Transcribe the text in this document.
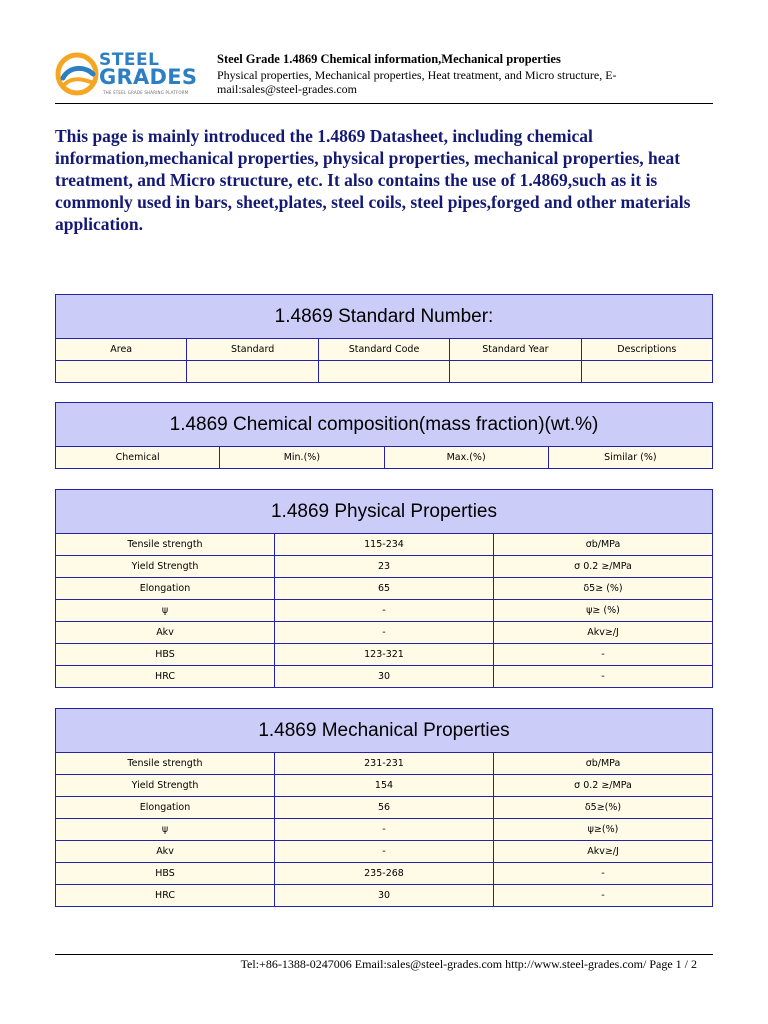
STEEL
GRADES
THE STEEL GRADE SHARING PLATFORM
Steel Grade 1.4869 Chemical information,Mechanical properties
Physical properties, Mechanical properties, Heat treatment, and Micro structure, E-mail:sales@steel-grades.com
This page is mainly introduced the 1.4869 Datasheet, including chemical information,mechanical properties, physical properties, mechanical properties, heat treatment, and Micro structure, etc. It also contains the use of 1.4869,such as it is commonly used in bars, sheet,plates, steel coils, steel pipes,forged and other materials application.
1.4869 Standard Number:
Area	Standard	Standard Code	Standard Year	Descriptions
1.4869 Chemical composition(mass fraction)(wt.%)
Chemical	Min.(%)	Max.(%)	Similar (%)
1.4869 Physical Properties
Tensile strength	115-234	σb/MPa
Yield Strength	23	σ 0.2 ≥/MPa
Elongation	65	δ5≥ (%)
ψ	-	ψ≥ (%)
Akv	-	Akv≥/J
HBS	123-321	-
HRC	30	-
1.4869 Mechanical Properties
Tensile strength	231-231	σb/MPa
Yield Strength	154	σ 0.2 ≥/MPa
Elongation	56	δ5≥(%)
ψ	-	ψ≥(%)
Akv	-	Akv≥/J
HBS	235-268	-
HRC	30	-
Tel:+86-1388-0247006 Email:sales@steel-grades.com http://www.steel-grades.com/ Page 1 / 2
